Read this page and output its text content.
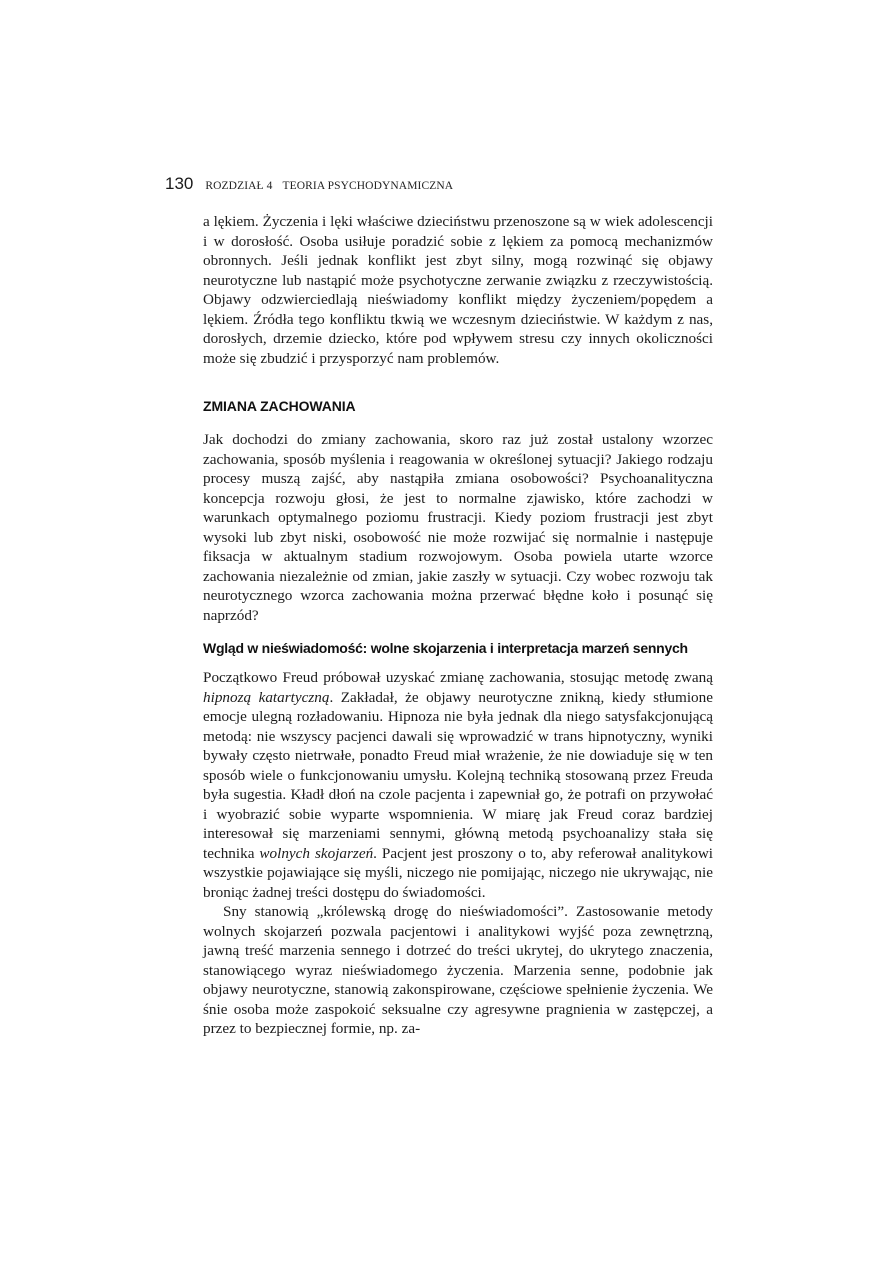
130 ROZDZIAŁ 4 TEORIA PSYCHODYNAMICZNA

a lękiem. Życzenia i lęki właściwe dzieciństwu przenoszone są w wiek adolescencji i w dorosłość. Osoba usiłuje poradzić sobie z lękiem za pomocą mechanizmów obronnych. Jeśli jednak konflikt jest zbyt silny, mogą rozwinąć się objawy neurotyczne lub nastąpić może psychotyczne zerwanie związku z rzeczywistością. Objawy odzwierciedlają nieświadomy konflikt między życzeniem/popędem a lękiem. Źródła tego konfliktu tkwią we wczesnym dzieciństwie. W każdym z nas, dorosłych, drzemie dziecko, które pod wpływem stresu czy innych okoliczności może się zbudzić i przysporzyć nam problemów.

ZMIANA ZACHOWANIA

Jak dochodzi do zmiany zachowania, skoro raz już został ustalony wzorzec zachowania, sposób myślenia i reagowania w określonej sytuacji? Jakiego rodzaju procesy muszą zajść, aby nastąpiła zmiana osobowości? Psychoanalityczna koncepcja rozwoju głosi, że jest to normalne zjawisko, które zachodzi w warunkach optymalnego poziomu frustracji. Kiedy poziom frustracji jest zbyt wysoki lub zbyt niski, osobowość nie może rozwijać się normalnie i następuje fiksacja w aktualnym stadium rozwojowym. Osoba powiela utarte wzorce zachowania niezależnie od zmian, jakie zaszły w sytuacji. Czy wobec rozwoju tak neurotycznego wzorca zachowania można przerwać błędne koło i posunąć się naprzód?

Wgląd w nieświadomość: wolne skojarzenia i interpretacja marzeń sennych

Początkowo Freud próbował uzyskać zmianę zachowania, stosując metodę zwaną hipnozą katartyczną. Zakładał, że objawy neurotyczne znikną, kiedy stłumione emocje ulegną rozładowaniu. Hipnoza nie była jednak dla niego satysfakcjonującą metodą: nie wszyscy pacjenci dawali się wprowadzić w trans hipnotyczny, wyniki bywały często nietrwałe, ponadto Freud miał wrażenie, że nie dowiaduje się w ten sposób wiele o funkcjonowaniu umysłu. Kolejną techniką stosowaną przez Freuda była sugestia. Kładł dłoń na czole pacjenta i zapewniał go, że potrafi on przywołać i wyobrazić sobie wyparte wspomnienia. W miarę jak Freud coraz bardziej interesował się marzeniami sennymi, główną metodą psychoanalizy stała się technika wolnych skojarzeń. Pacjent jest proszony o to, aby referował analitykowi wszystkie pojawiające się myśli, niczego nie pomijając, niczego nie ukrywając, nie broniąc żadnej treści dostępu do świadomości.

Sny stanowią „królewską drogę do nieświadomości”. Zastosowanie metody wolnych skojarzeń pozwala pacjentowi i analitykowi wyjść poza zewnętrzną, jawną treść marzenia sennego i dotrzeć do treści ukrytej, do ukrytego znaczenia, stanowiącego wyraz nieświadomego życzenia. Marzenia senne, podobnie jak objawy neurotyczne, stanowią zakonspirowane, częściowe spełnienie życzenia. We śnie osoba może zaspokoić seksualne czy agresywne pragnienia w zastępczej, a przez to bezpiecznej formie, np. za-
